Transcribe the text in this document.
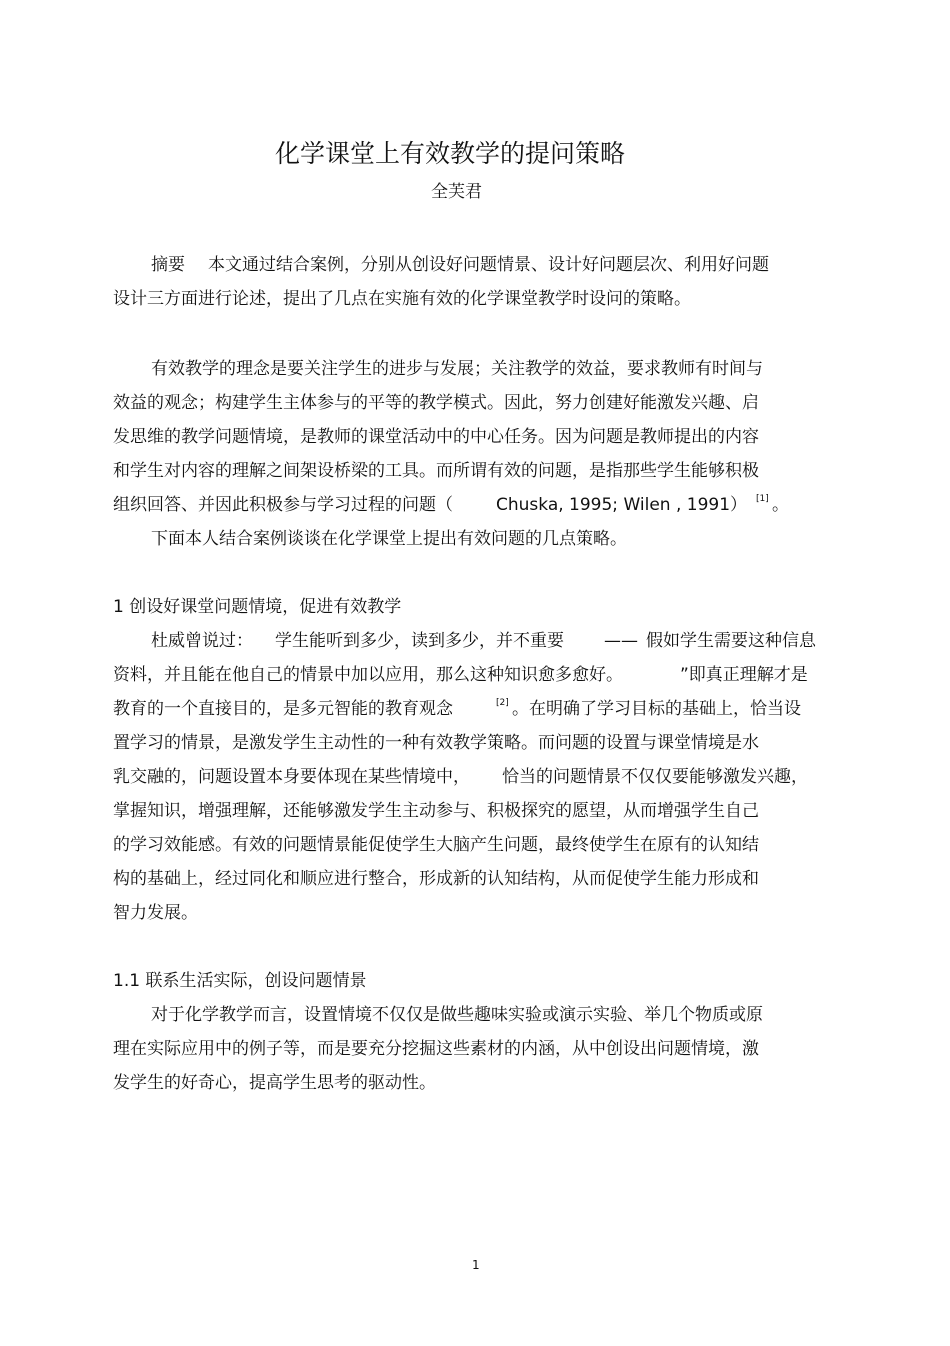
化学课堂上有效教学的提问策略
全芙君
摘要 本文通过结合案例，分别从创设好问题情景、设计好问题层次、利用好问题
设计三方面进行论述，提出了几点在实施有效的化学课堂教学时设问的策略。
有效教学的理念是要关注学生的进步与发展；关注教学的效益，要求教师有时间与
效益的观念；构建学生主体参与的平等的教学模式。因此，努力创建好能激发兴趣、启
发思维的教学问题情境，是教师的课堂活动中的中心任务。因为问题是教师提出的内容
和学生对内容的理解之间架设桥梁的工具。而所谓有效的问题，是指那些学生能够积极
组织回答、并因此积极参与学习过程的问题（	Chuska, 1995; Wilen , 1991） [1] 。
下面本人结合案例谈谈在化学课堂上提出有效问题的几点策略。
1 创设好课堂问题情境，促进有效教学
杜威曾说过： 学生能听到多少，读到多少，并不重要 —— 假如学生需要这种信息
资料，并且能在他自己的情景中加以应用，那么这种知识愈多愈好。	”即真正理解才是
教育的一个直接目的，是多元智能的教育观念	[2] 。在明确了学习目标的基础上，恰当设
置学习的情景，是激发学生主动性的一种有效教学策略。而问题的设置与课堂情境是水
乳交融的，问题设置本身要体现在某些情境中， 恰当的问题情景不仅仅要能够激发兴趣，
掌握知识，增强理解，还能够激发学生主动参与、积极探究的愿望，从而增强学生自己
的学习效能感。有效的问题情景能促使学生大脑产生问题，最终使学生在原有的认知结
构的基础上，经过同化和顺应进行整合，形成新的认知结构，从而促使学生能力形成和
智力发展。
1.1 联系生活实际，创设问题情景
对于化学教学而言，设置情境不仅仅是做些趣味实验或演示实验、举几个物质或原
理在实际应用中的例子等，而是要充分挖掘这些素材的内涵，从中创设出问题情境，激
发学生的好奇心，提高学生思考的驱动性。
1
